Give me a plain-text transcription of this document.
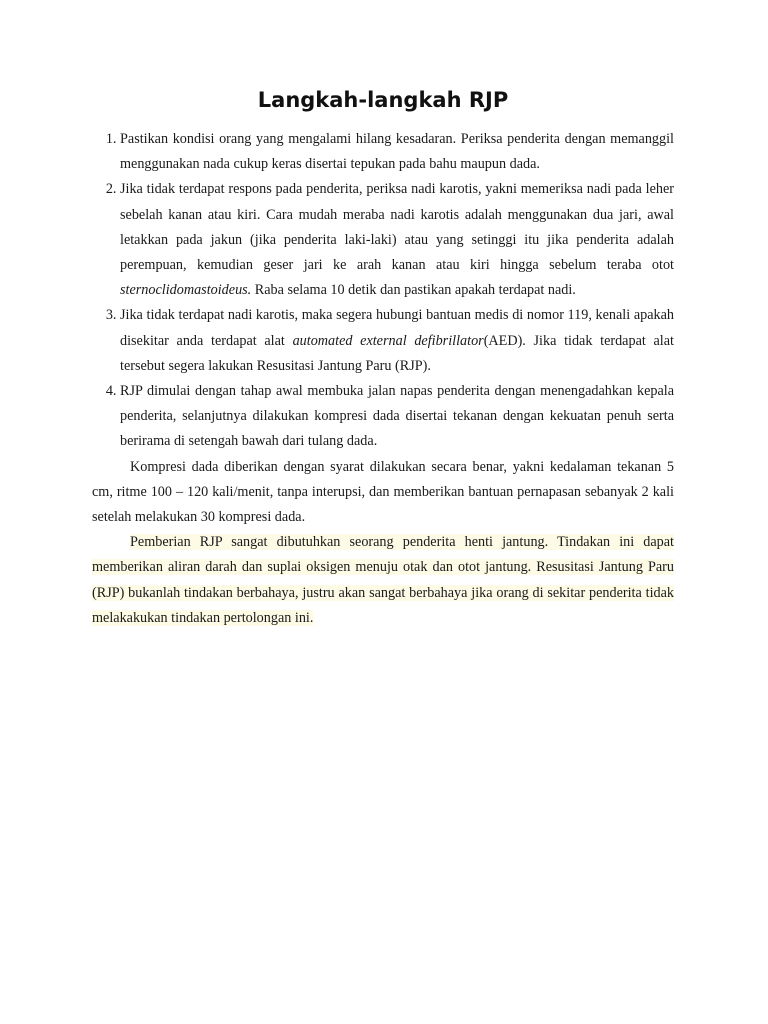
Langkah-langkah RJP
1. Pastikan kondisi orang yang mengalami hilang kesadaran. Periksa penderita dengan memanggil menggunakan nada cukup keras disertai tepukan pada bahu maupun dada.
2. Jika tidak terdapat respons pada penderita, periksa nadi karotis, yakni memeriksa nadi pada leher sebelah kanan atau kiri. Cara mudah meraba nadi karotis adalah menggunakan dua jari, awal letakkan pada jakun (jika penderita laki-laki) atau yang setinggi itu jika penderita adalah perempuan, kemudian geser jari ke arah kanan atau kiri hingga sebelum teraba otot sternoclidomastoideus. Raba selama 10 detik dan pastikan apakah terdapat nadi.
3. Jika tidak terdapat nadi karotis, maka segera hubungi bantuan medis di nomor 119, kenali apakah disekitar anda terdapat alat automated external defibrillator(AED). Jika tidak terdapat alat tersebut segera lakukan Resusitasi Jantung Paru (RJP).
4. RJP dimulai dengan tahap awal membuka jalan napas penderita dengan menengadahkan kepala penderita, selanjutnya dilakukan kompresi dada disertai tekanan dengan kekuatan penuh serta berirama di setengah bawah dari tulang dada.

Kompresi dada diberikan dengan syarat dilakukan secara benar, yakni kedalaman tekanan 5 cm, ritme 100 – 120 kali/menit, tanpa interupsi, dan memberikan bantuan pernapasan sebanyak 2 kali setelah melakukan 30 kompresi dada.

Pemberian RJP sangat dibutuhkan seorang penderita henti jantung. Tindakan ini dapat memberikan aliran darah dan suplai oksigen menuju otak dan otot jantung. Resusitasi Jantung Paru (RJP) bukanlah tindakan berbahaya, justru akan sangat berbahaya jika orang di sekitar penderita tidak melakakukan tindakan pertolongan ini.
